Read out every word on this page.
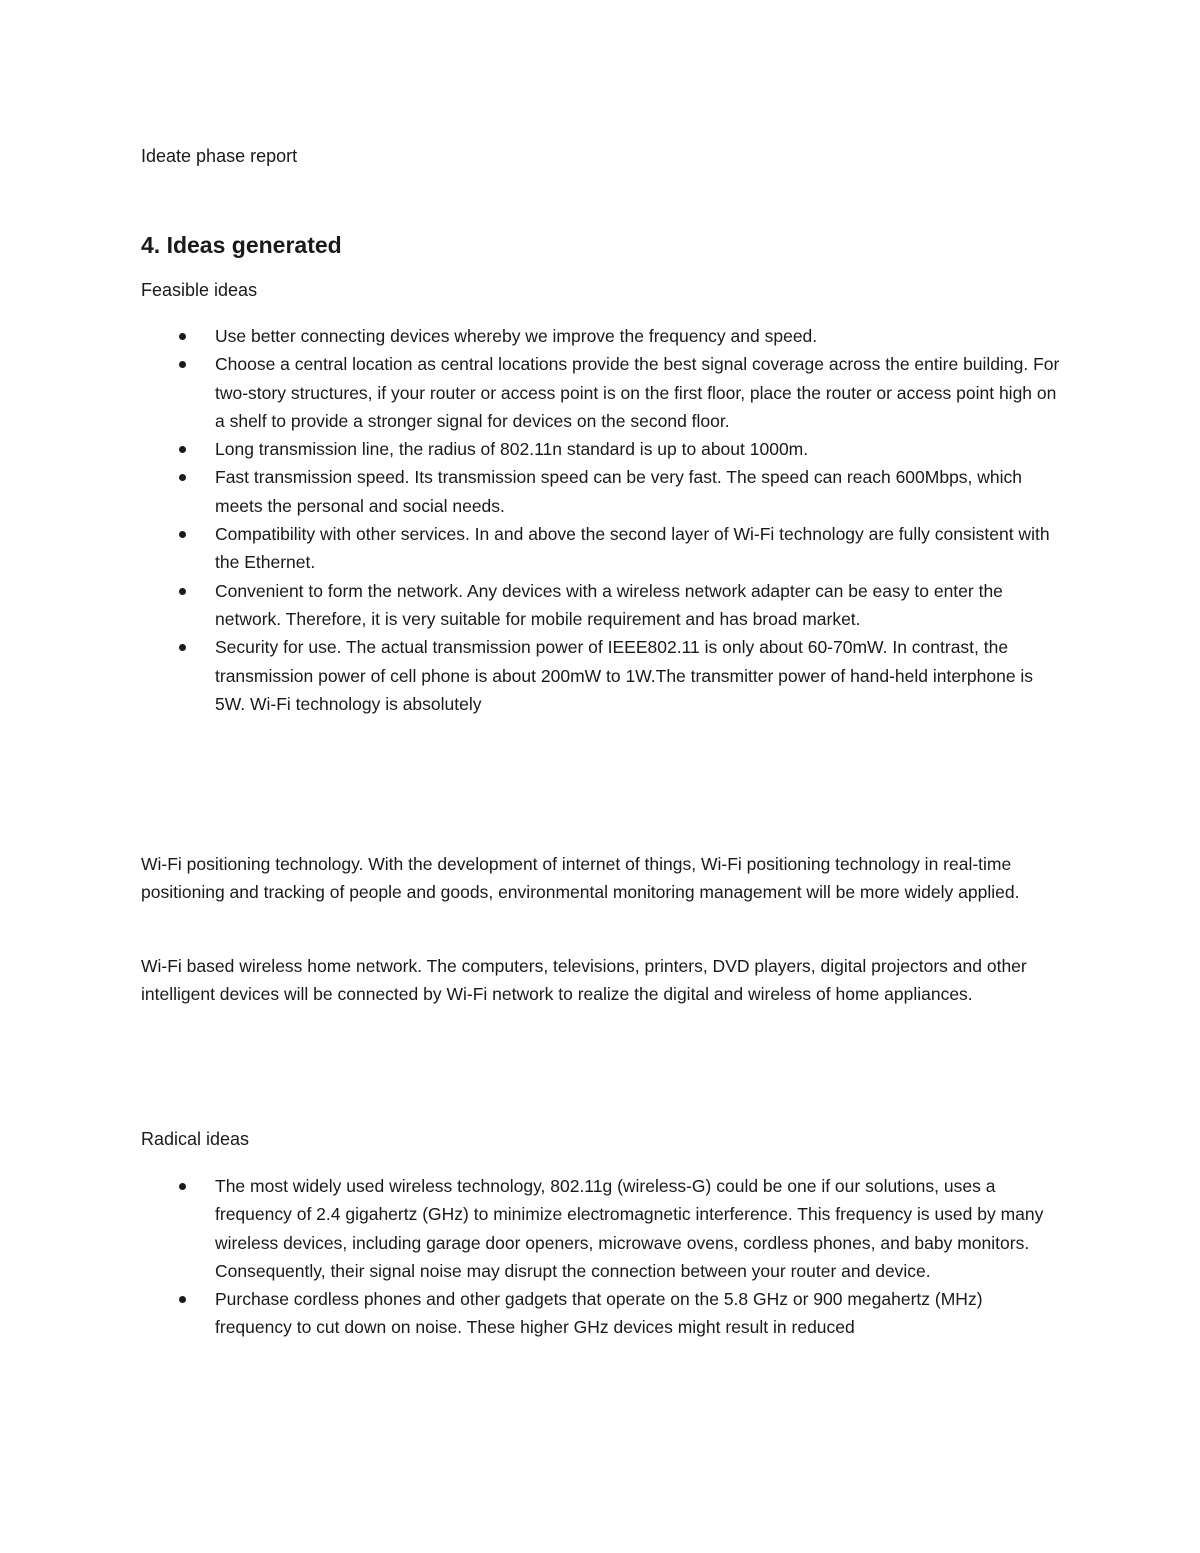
Ideate phase report

4. Ideas generated

Feasible ideas

Use better connecting devices whereby we improve the frequency and speed.
Choose a central location as central locations provide the best signal coverage across the entire building. For two-story structures, if your router or access point is on the first floor, place the router or access point high on a shelf to provide a stronger signal for devices on the second floor.
Long transmission line, the radius of 802.11n standard is up to about 1000m.
Fast transmission speed. Its transmission speed can be very fast. The speed can reach 600Mbps, which meets the personal and social needs.
Compatibility with other services. In and above the second layer of Wi-Fi technology are fully consistent with the Ethernet.
Convenient to form the network. Any devices with a wireless network adapter can be easy to enter the network. Therefore, it is very suitable for mobile requirement and has broad market.
Security for use. The actual transmission power of IEEE802.11 is only about 60-70mW. In contrast, the transmission power of cell phone is about 200mW to 1W.The transmitter power of hand-held interphone is 5W. Wi-Fi technology is absolutely

Wi-Fi positioning technology. With the development of internet of things, Wi-Fi positioning technology in real-time positioning and tracking of people and goods, environmental monitoring management will be more widely applied.

Wi-Fi based wireless home network. The computers, televisions, printers, DVD players, digital projectors and other intelligent devices will be connected by Wi-Fi network to realize the digital and wireless of home appliances.

Radical ideas

The most widely used wireless technology, 802.11g (wireless-G) could be one if our solutions, uses a frequency of 2.4 gigahertz (GHz) to minimize electromagnetic interference. This frequency is used by many wireless devices, including garage door openers, microwave ovens, cordless phones, and baby monitors. Consequently, their signal noise may disrupt the connection between your router and device.
Purchase cordless phones and other gadgets that operate on the 5.8 GHz or 900 megahertz (MHz) frequency to cut down on noise. These higher GHz devices might result in reduced
